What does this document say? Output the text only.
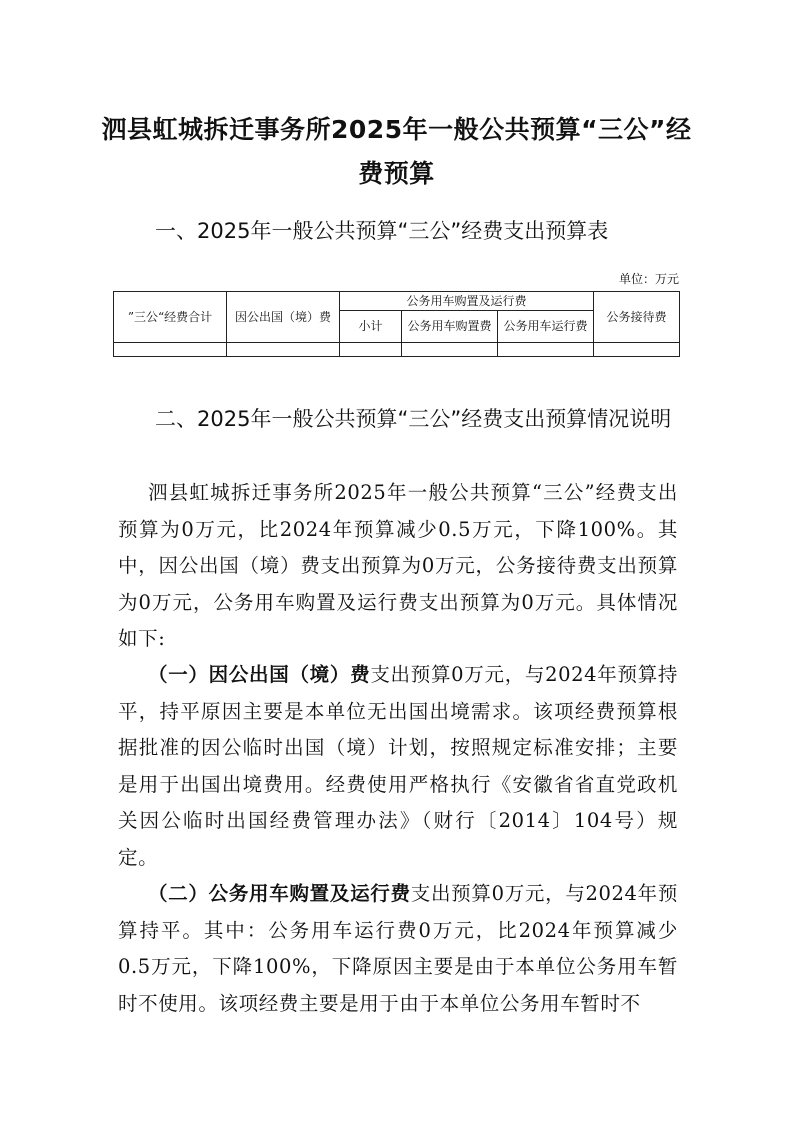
泗县虹城拆迁事务所2025年一般公共预算“三公”经费预算
一、2025年一般公共预算“三公”经费支出预算表
单位：万元
”三公“经费合计	因公出国（境）费	公务用车购置及运行费			公务接待费
		小计	公务用车购置费	公务用车运行费	

二、2025年一般公共预算“三公”经费支出预算情况说明
泗县虹城拆迁事务所2025年一般公共预算“三公”经费支出预算为0万元，比2024年预算减少0.5万元，下降100%。其中，因公出国（境）费支出预算为0万元，公务接待费支出预算为0万元，公务用车购置及运行费支出预算为0万元。具体情况如下:
（一）因公出国（境）费支出预算0万元，与2024年预算持平，持平原因主要是本单位无出国出境需求。该项经费预算根据批准的因公临时出国（境）计划，按照规定标准安排；主要是用于出国出境费用。经费使用严格执行《安徽省省直党政机关因公临时出国经费管理办法》（财行〔2014〕104号）规定。
（二）公务用车购置及运行费支出预算0万元，与2024年预算持平。其中：公务用车运行费0万元，比2024年预算减少0.5万元，下降100%，下降原因主要是由于本单位公务用车暂时不使用。该项经费主要是用于由于本单位公务用车暂时不
